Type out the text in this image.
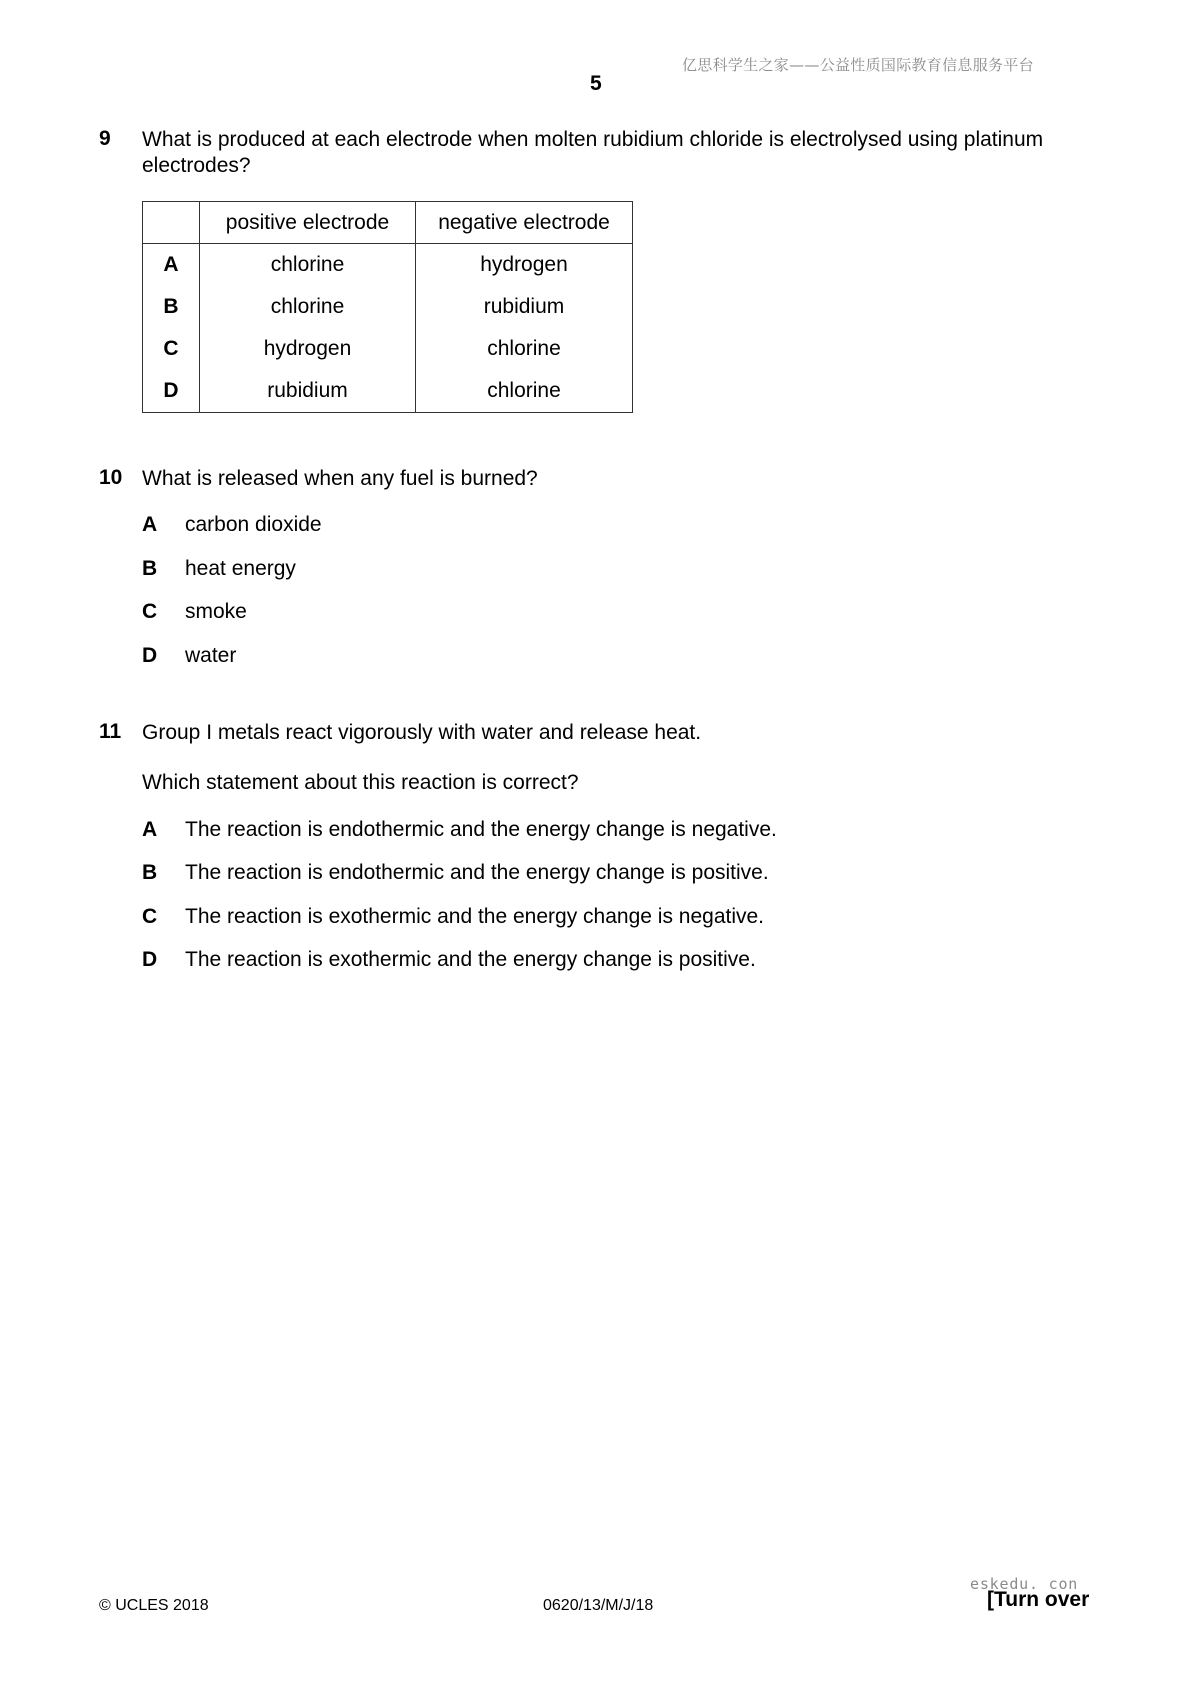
亿思科学生之家——公益性质国际教育信息服务平台
5
9 What is produced at each electrode when molten rubidium chloride is electrolysed using platinum electrodes?
	positive electrode	negative electrode
A	chlorine	hydrogen
B	chlorine	rubidium
C	hydrogen	chlorine
D	rubidium	chlorine
10 What is released when any fuel is burned?
A carbon dioxide
B heat energy
C smoke
D water
11 Group I metals react vigorously with water and release heat.
Which statement about this reaction is correct?
A The reaction is endothermic and the energy change is negative.
B The reaction is endothermic and the energy change is positive.
C The reaction is exothermic and the energy change is negative.
D The reaction is exothermic and the energy change is positive.
eskedu. con
© UCLES 2018	0620/13/M/J/18	[Turn over
